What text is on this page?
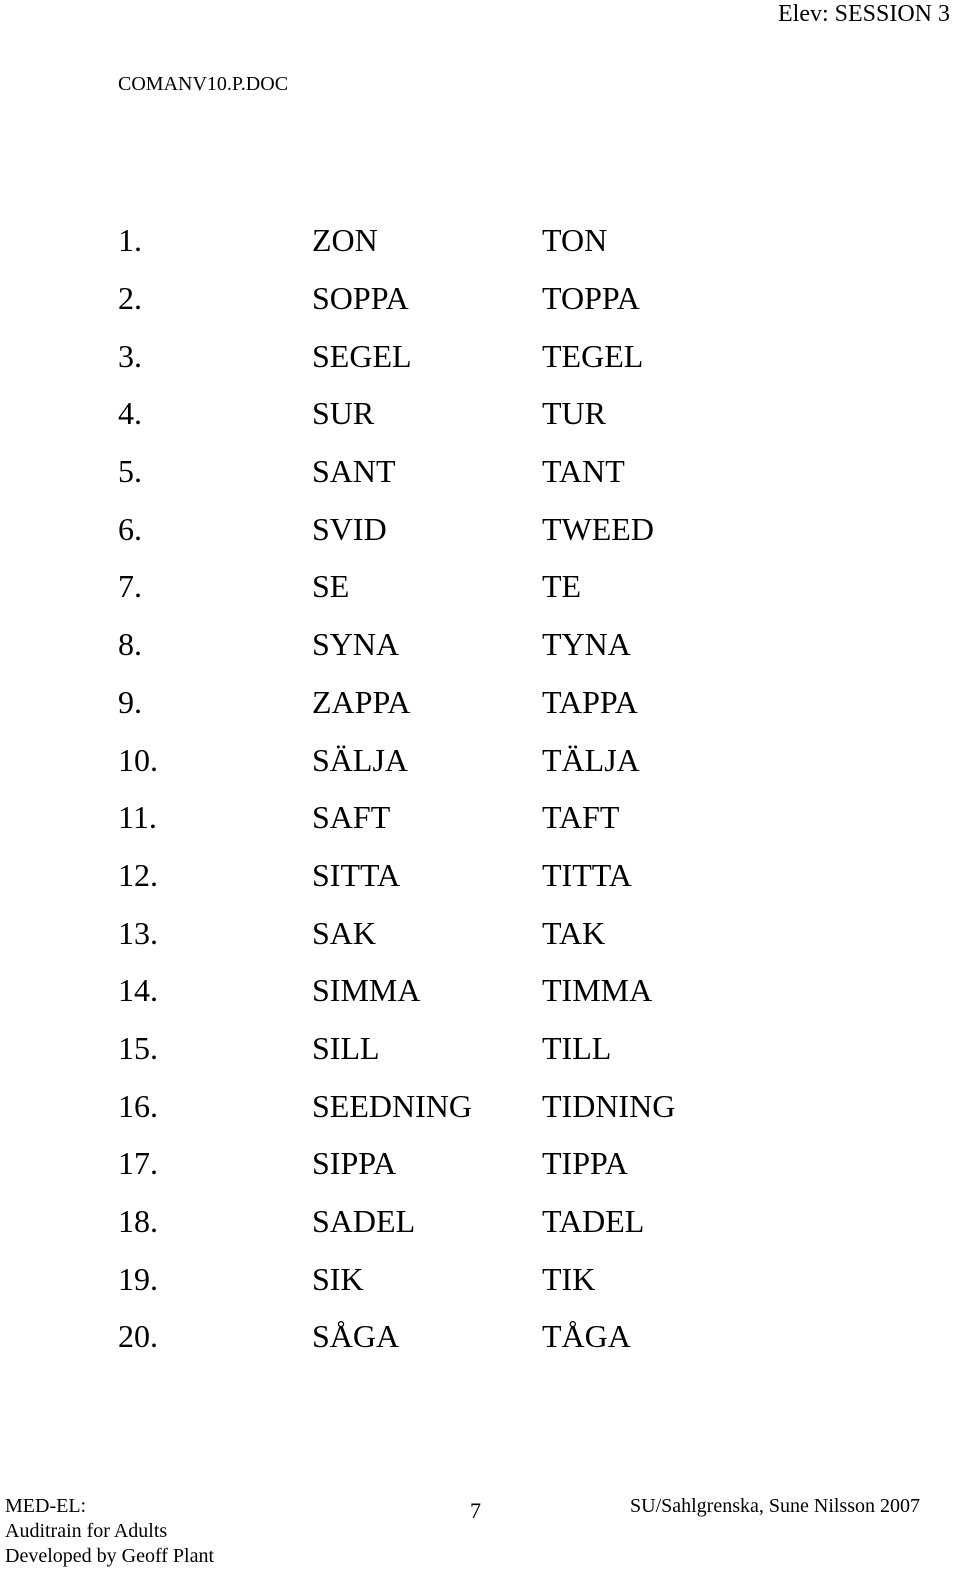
Elev: SESSION 3
COMANV10.P.DOC
1.	ZON	TON
2.	SOPPA	TOPPA
3.	SEGEL	TEGEL
4.	SUR	TUR
5.	SANT	TANT
6.	SVID	TWEED
7.	SE	TE
8.	SYNA	TYNA
9.	ZAPPA	TAPPA
10.	SÄLJA	TÄLJA
11.	SAFT	TAFT
12.	SITTA	TITTA
13.	SAK	TAK
14.	SIMMA	TIMMA
15.	SILL	TILL
16.	SEEDNING	TIDNING
17.	SIPPA	TIPPA
18.	SADEL	TADEL
19.	SIK	TIK
20.	SÅGA	TÅGA
MED-EL:
Auditrain for Adults
Developed by Geoff Plant
7	SU/Sahlgrenska, Sune Nilsson 2007
